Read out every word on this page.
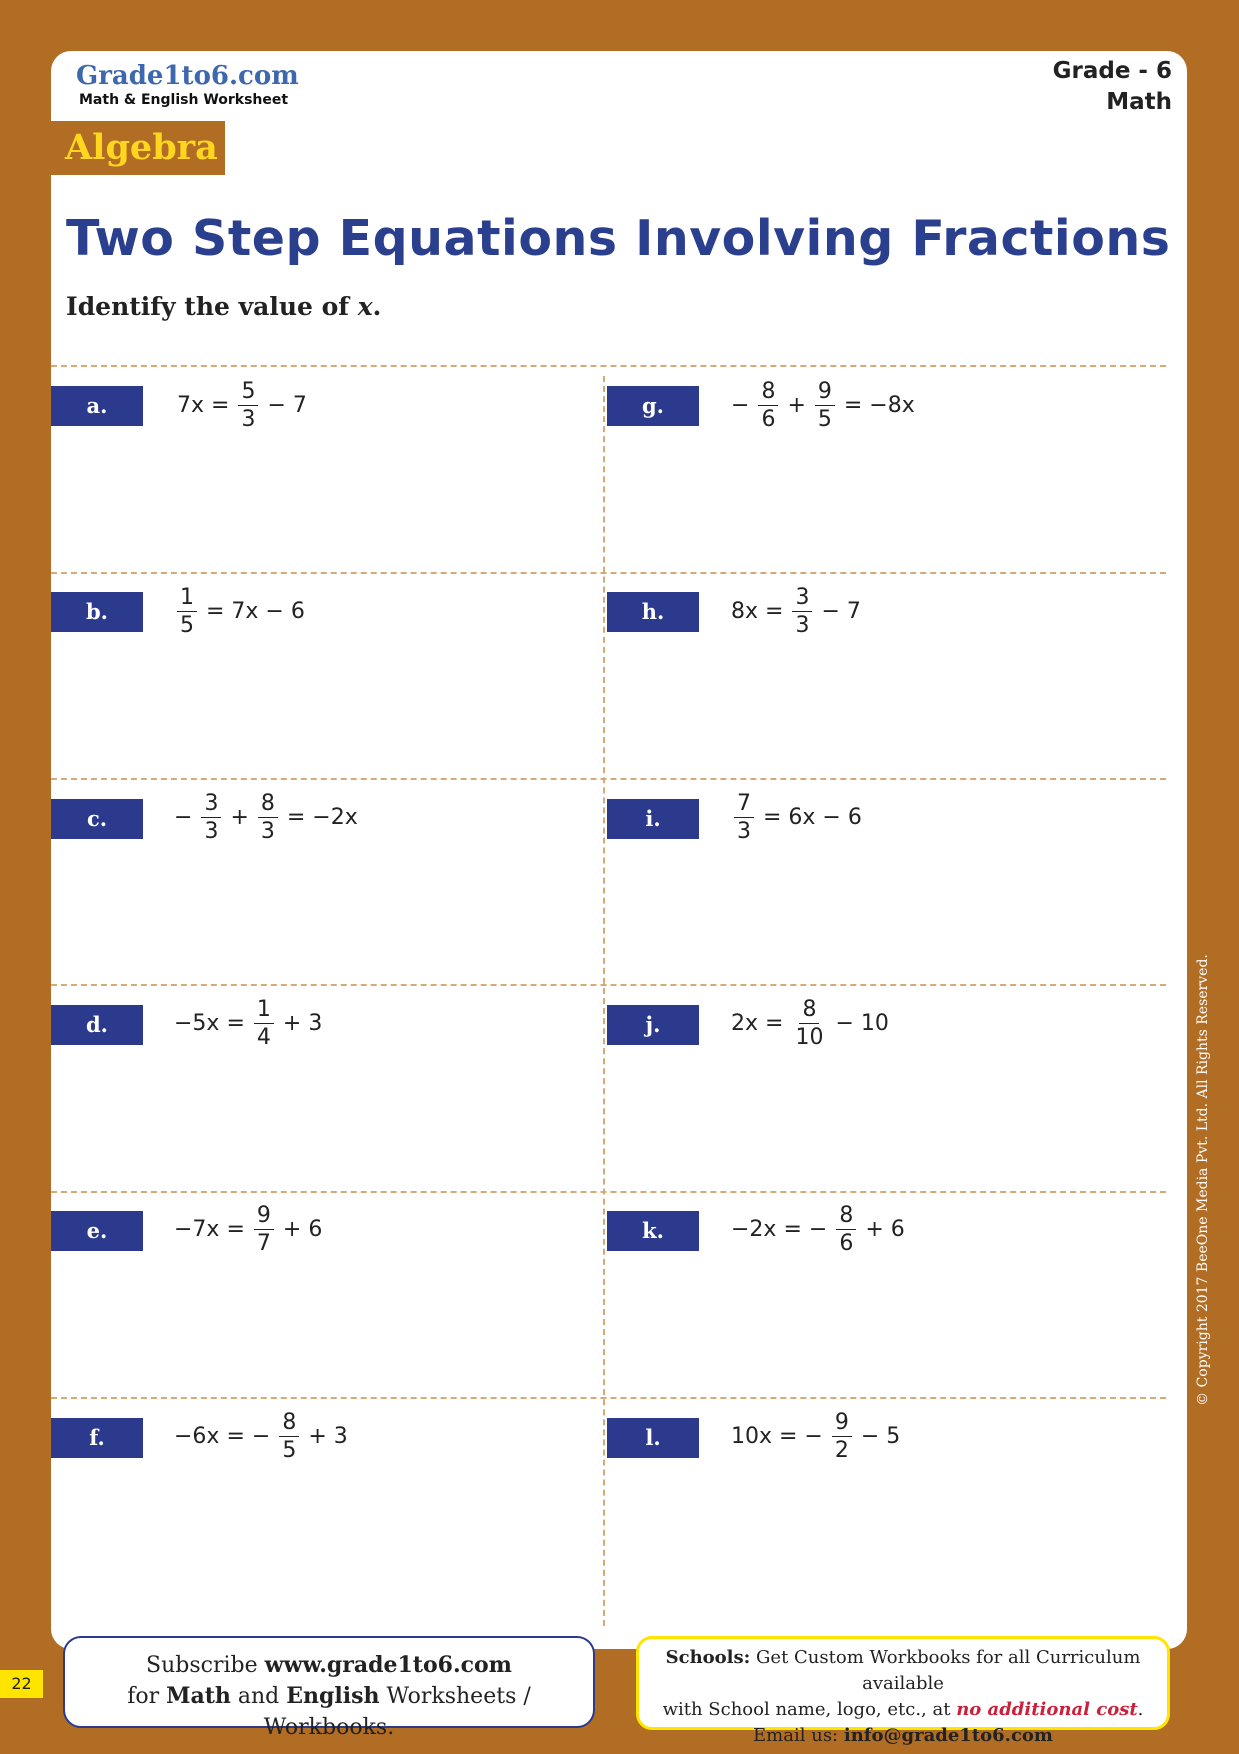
Grade1to6.com
Math & English Worksheet
Grade - 6
Math
Algebra
Two Step Equations Involving Fractions
Identify the value of x.
a.	$7x = \frac{5}{3} - 7$
b.	$\frac{1}{5} = 7x - 6$
c.	− $\frac{3}{3} + \frac{8}{3} = -2x$
d.	$-5x = \frac{1}{4} + 3$
e.	$-7x = \frac{9}{7} + 6$
f.	−6x = − $\frac{8}{5} + 3$
g.	− $\frac{8}{6} + \frac{9}{5} = -8x$
h.	$8x = \frac{3}{3} - 7$
i.	$\frac{7}{3} = 6x - 6$
j.	$2x = \frac{8}{10} - 10$
k.	−2x = − $\frac{8}{6} + 6$
l.	10x = − $\frac{9}{2} - 5$
© Copyright 2017 BeeOne Media Pvt. Ltd. All Rights Reserved.
22
Subscribe www.grade1to6.com
for Math and English Worksheets / Workbooks.
Schools: Get Custom Workbooks for all Curriculum available
with School name, logo, etc., at no additional cost.
Email us: info@grade1to6.com
